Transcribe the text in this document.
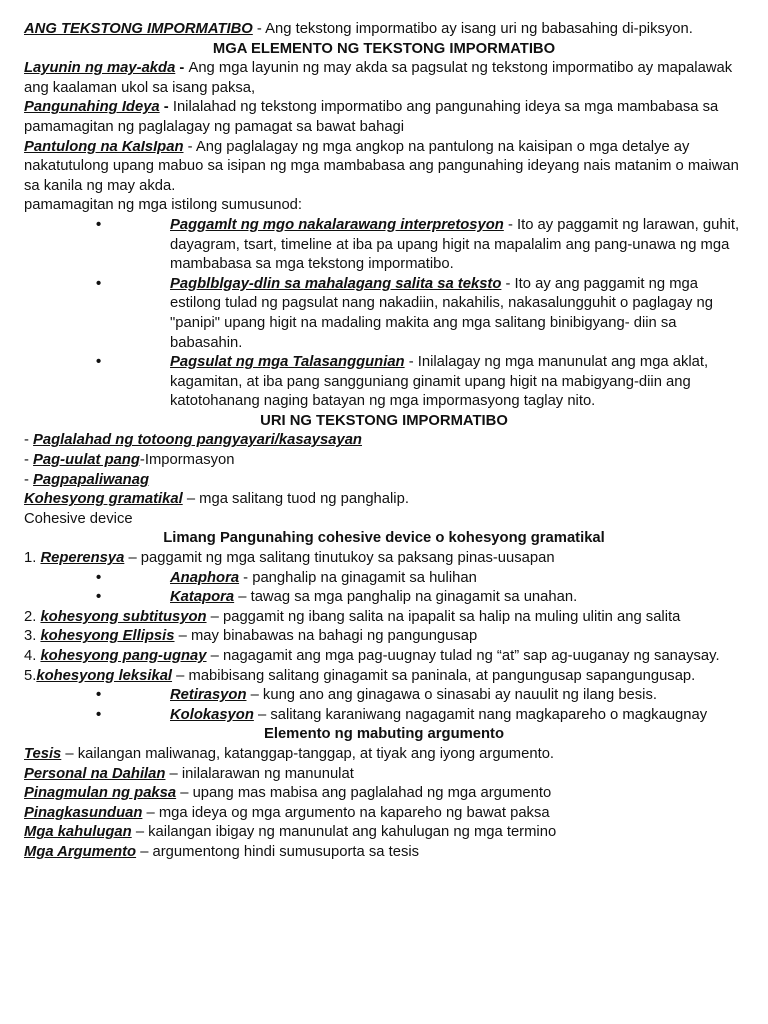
ANG TEKSTONG IMPORMATIBO - Ang tekstong impormatibo ay isang uri ng babasahing di-piksyon.

MGA ELEMENTO NG TEKSTONG IMPORMATIBO

Layunin ng may-akda - Ang mga layunin ng may akda sa pagsulat ng tekstong impormatibo ay mapalawak ang kaalaman ukol sa isang paksa,

Pangunahing Ideya - Inilalahad ng tekstong impormatibo ang pangunahing ideya sa mga mambabasa sa pamamagitan ng paglalagay ng pamagat sa bawat bahagi

Pantulong na KaIsIpan - Ang paglalagay ng mga angkop na pantulong na kaisipan o mga detalye ay nakatutulong upang mabuo sa isipan ng mga mambabasa ang pangunahing ideyang nais matanim o maiwan sa kanila ng may akda.

pamamagitan ng mga istilong sumusunod:

•	Paggamlt ng mgo nakalarawang interpretosyon - Ito ay paggamit ng larawan, guhit, dayagram, tsart, timeline at iba pa upang higit na mapalalim ang pang-unawa ng mga mambabasa sa mga tekstong impormatibo.
•	Pagblblgay-dlin sa mahalagang salita sa teksto - Ito ay ang paggamit ng mga estilong tulad ng pagsulat nang nakadiin, nakahilis, nakasalungguhit o paglagay ng "panipi" upang higit na madaling makita ang mga salitang binibigyang- diin sa babasahin.
•	Pagsulat ng mga Talasanggunian - Inilalagay ng mga manunulat ang mga aklat, kagamitan, at iba pang sangguniang ginamit upang higit na mabigyang-diin ang katotohanang naging batayan ng mga impormasyong taglay nito.

URI NG TEKSTONG IMPORMATIBO

- Paglalahad ng totoong pangyayari/kasaysayan

- Pag-uulat pang-Impormasyon

- Pagpapaliwanag

Kohesyong gramatikal – mga salitang tuod ng panghalip.

Cohesive device

Limang Pangunahing cohesive device o kohesyong gramatikal

1. Reperensya – paggamit ng mga salitang tinutukoy sa paksang pinas-uusapan

•	Anaphora - panghalip na ginagamit sa hulihan
•	Katapora – tawag sa mga panghalip na ginagamit sa unahan.

2. kohesyong subtitusyon – paggamit ng ibang salita na ipapalit sa halip na muling ulitin ang salita

3. kohesyong Ellipsis – may binabawas na bahagi ng pangungusap

4. kohesyong pang-ugnay – nagagamit ang mga pag-uugnay tulad ng “at” sap ag-uuganay ng sanaysay.

5.kohesyong leksikal – mabibisang salitang ginagamit sa paninala, at pangungusap sapangungusap.

•	Retirasyon – kung ano ang ginagawa o sinasabi ay nauulit ng ilang besis.
•	Kolokasyon – salitang karaniwang nagagamit nang magkapareho o magkaugnay

Elemento ng mabuting argumento

Tesis – kailangan maliwanag, katanggap-tanggap, at tiyak ang iyong argumento.

Personal na Dahilan – inilalarawan ng manunulat

Pinagmulan ng paksa – upang mas mabisa ang paglalahad ng mga argumento

Pinagkasunduan – mga ideya og mga argumento na kapareho ng bawat paksa

Mga kahulugan – kailangan ibigay ng manunulat ang kahulugan ng mga termino

Mga Argumento – argumentong hindi sumusuporta sa tesis
